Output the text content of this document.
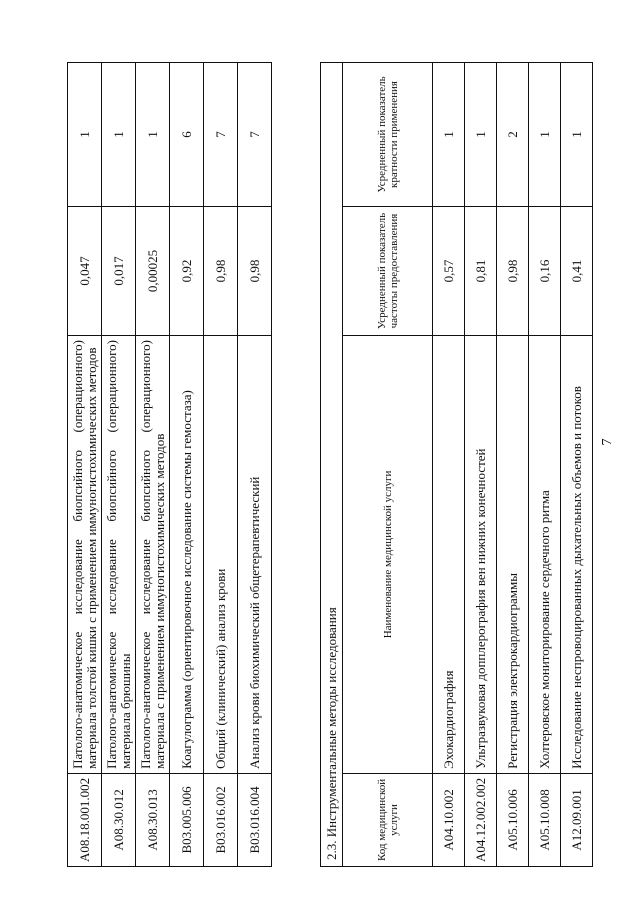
7
A08.18.001.002	Патолого-анатомическое исследование биопсийного (операционного) материала толстой кишки с применением иммуногистохимических методов	0,047	1
A08.30.012	Патолого-анатомическое исследование биопсийного (операционного) материала брюшины	0,017	1
A08.30.013	Патолого-анатомическое исследование биопсийного (операционного) материала с применением иммуногистохимических методов	0,00025	1
B03.005.006	Коагулограмма (ориентировочное исследование системы гемостаза)	0,92	6
B03.016.002	Общий (клинический) анализ крови	0,98	7
B03.016.004	Анализ крови биохимический общетерапевтический	0,98	7
2.3. Инструментальные методы исследования			
Код медицинской услуги	Наименование медицинской услуги	Усредненный показатель частоты предоставления	Усредненный показатель кратности применения
A04.10.002	Эхокардиография	0,57	1
A04.12.002.002	Ультразвуковая допплерография вен нижних конечностей	0,81	1
A05.10.006	Регистрация электрокардиограммы	0,98	2
A05.10.008	Холтеровское мониторирование сердечного ритма	0,16	1
A12.09.001	Исследование неспровоцированных дыхательных объемов и потоков	0,41	1
